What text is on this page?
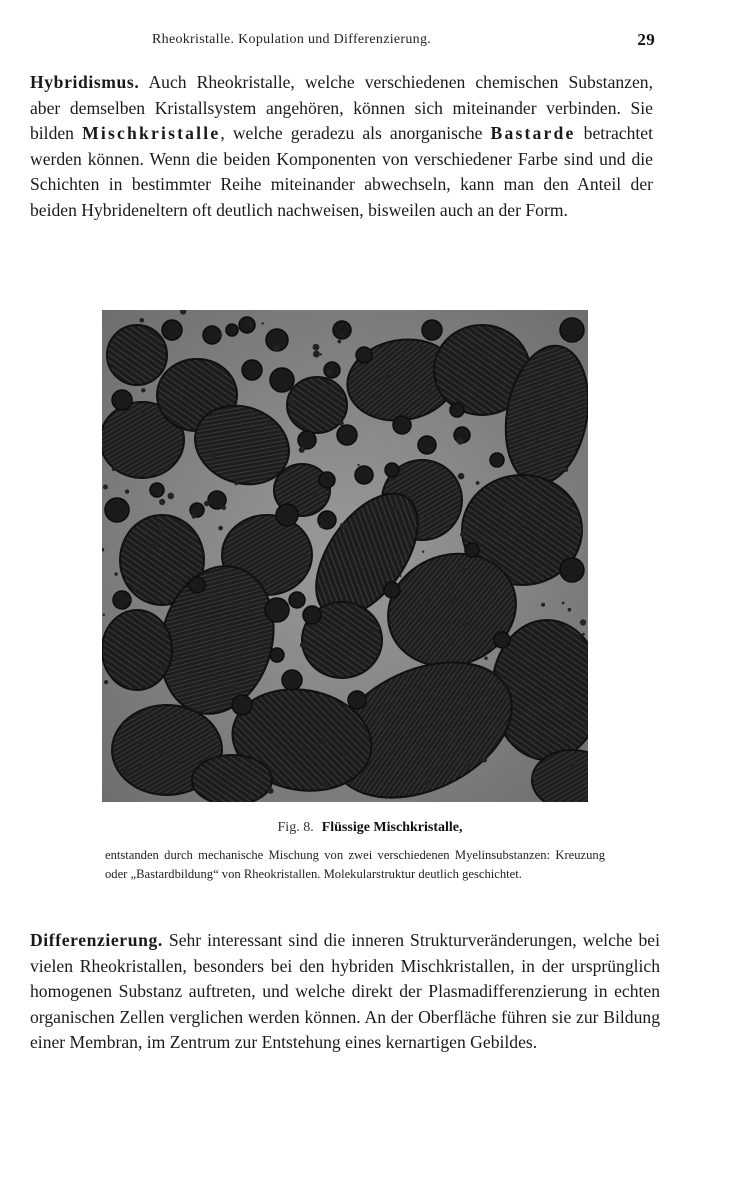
Rheokristalle. Kopulation und Differenzierung.	29
Hybridismus. Auch Rheokristalle, welche verschiedenen chemischen Substanzen, aber demselben Kristallsystem angehören, können sich miteinander verbinden. Sie bilden Mischkristalle, welche geradezu als anorganische Bastarde betrachtet werden können. Wenn die beiden Komponenten von verschiedener Farbe sind und die Schichten in bestimmter Reihe miteinander abwechseln, kann man den Anteil der beiden Hybrideneltern oft deutlich nachweisen, bisweilen auch an der Form.
Fig. 8. Flüssige Mischkristalle,
entstanden durch mechanische Mischung von zwei verschiedenen Myelinsubstanzen: Kreuzung oder „Bastardbildung“ von Rheokristallen. Molekularstruktur deutlich geschichtet.
Differenzierung. Sehr interessant sind die inneren Strukturveränderungen, welche bei vielen Rheokristallen, besonders bei den hybriden Mischkristallen, in der ursprünglich homogenen Substanz auftreten, und welche direkt der Plasmadifferenzierung in echten organischen Zellen verglichen werden können. An der Oberfläche führen sie zur Bildung einer Membran, im Zentrum zur Entstehung eines kernartigen Gebildes.
